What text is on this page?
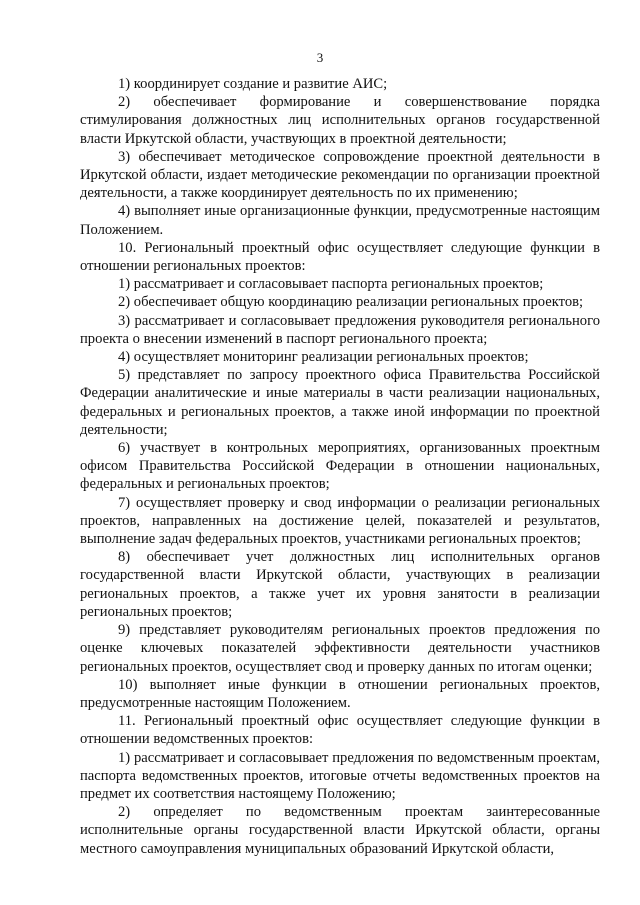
3

1) координирует создание и развитие АИС;

2) обеспечивает формирование и совершенствование порядка стимулирования должностных лиц исполнительных органов государственной власти Иркутской области, участвующих в проектной деятельности;

3) обеспечивает методическое сопровождение проектной деятельности в Иркутской области, издает методические рекомендации по организации проектной деятельности, а также координирует деятельность по их применению;

4) выполняет иные организационные функции, предусмотренные настоящим Положением.

10. Региональный проектный офис осуществляет следующие функции в отношении региональных проектов:

1) рассматривает и согласовывает паспорта региональных проектов;

2) обеспечивает общую координацию реализации региональных проектов;

3) рассматривает и согласовывает предложения руководителя регионального проекта о внесении изменений в паспорт регионального проекта;

4) осуществляет мониторинг реализации региональных проектов;

5) представляет по запросу проектного офиса Правительства Российской Федерации аналитические и иные материалы в части реализации национальных, федеральных и региональных проектов, а также иной информации по проектной деятельности;

6) участвует в контрольных мероприятиях, организованных проектным офисом Правительства Российской Федерации в отношении национальных, федеральных и региональных проектов;

7) осуществляет проверку и свод информации о реализации региональных проектов, направленных на достижение целей, показателей и результатов, выполнение задач федеральных проектов, участниками региональных проектов;

8) обеспечивает учет должностных лиц исполнительных органов государственной власти Иркутской области, участвующих в реализации региональных проектов, а также учет их уровня занятости в реализации региональных проектов;

9) представляет руководителям региональных проектов предложения по оценке ключевых показателей эффективности деятельности участников региональных проектов, осуществляет свод и проверку данных по итогам оценки;

10) выполняет иные функции в отношении региональных проектов, предусмотренные настоящим Положением.

11. Региональный проектный офис осуществляет следующие функции в отношении ведомственных проектов:

1) рассматривает и согласовывает предложения по ведомственным проектам, паспорта ведомственных проектов, итоговые отчеты ведомственных проектов на предмет их соответствия настоящему Положению;

2) определяет по ведомственным проектам заинтересованные исполнительные органы государственной власти Иркутской области, органы местного самоуправления муниципальных образований Иркутской области,
